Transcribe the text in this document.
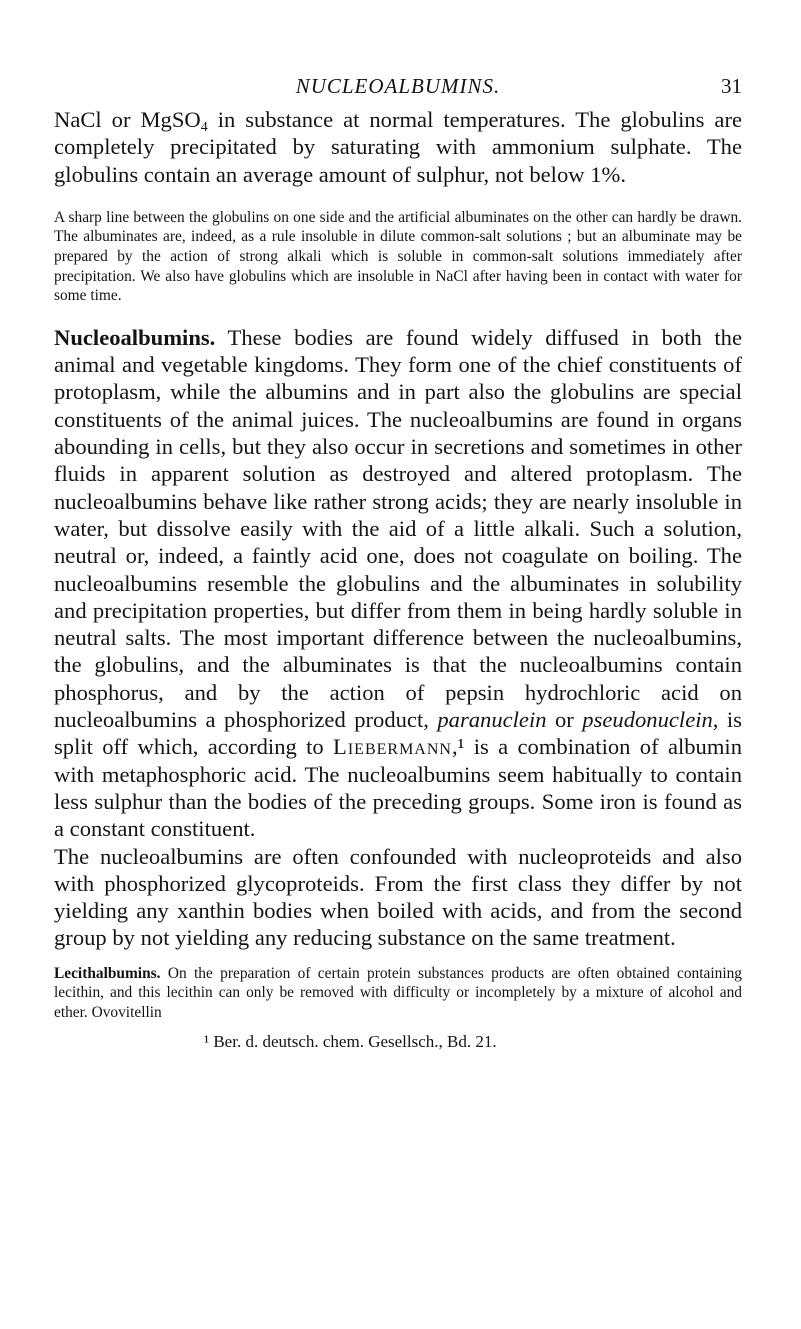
NUCLEOALBUMINS.	31

NaCl or MgSO$_4$ in substance at normal temperatures. The globulins are completely precipitated by saturating with ammonium sulphate. The globulins contain an average amount of sulphur, not below 1%.

A sharp line between the globulins on one side and the artificial albuminates on the other can hardly be drawn. The albuminates are, indeed, as a rule insoluble in dilute common-salt solutions ; but an albuminate may be prepared by the action of strong alkali which is soluble in common-salt solutions immediately after precipitation. We also have globulins which are insoluble in NaCl after having been in contact with water for some time.

Nucleoalbumins. These bodies are found widely diffused in both the animal and vegetable kingdoms. They form one of the chief constituents of protoplasm, while the albumins and in part also the globulins are special constituents of the animal juices. The nucleoalbumins are found in organs abounding in cells, but they also occur in secretions and sometimes in other fluids in apparent solution as destroyed and altered protoplasm. The nucleoalbumins behave like rather strong acids; they are nearly insoluble in water, but dissolve easily with the aid of a little alkali. Such a solution, neutral or, indeed, a faintly acid one, does not coagulate on boiling. The nucleoalbumins resemble the globulins and the albuminates in solubility and precipitation properties, but differ from them in being hardly soluble in neutral salts. The most important difference between the nucleoalbumins, the globulins, and the albuminates is that the nucleoalbumins contain phosphorus, and by the action of pepsin hydrochloric acid on nucleoalbumins a phosphorized product, paranuclein or pseudonuclein, is split off which, according to Liebermann,¹ is a combination of albumin with metaphosphoric acid. The nucleoalbumins seem habitually to contain less sulphur than the bodies of the preceding groups. Some iron is found as a constant constituent.

The nucleoalbumins are often confounded with nucleoproteids and also with phosphorized glycoproteids. From the first class they differ by not yielding any xanthin bodies when boiled with acids, and from the second group by not yielding any reducing substance on the same treatment.

Lecithalbumins. On the preparation of certain protein substances products are often obtained containing lecithin, and this lecithin can only be removed with difficulty or incompletely by a mixture of alcohol and ether. Ovovitellin

¹ Ber. d. deutsch. chem. Gesellsch., Bd. 21.
